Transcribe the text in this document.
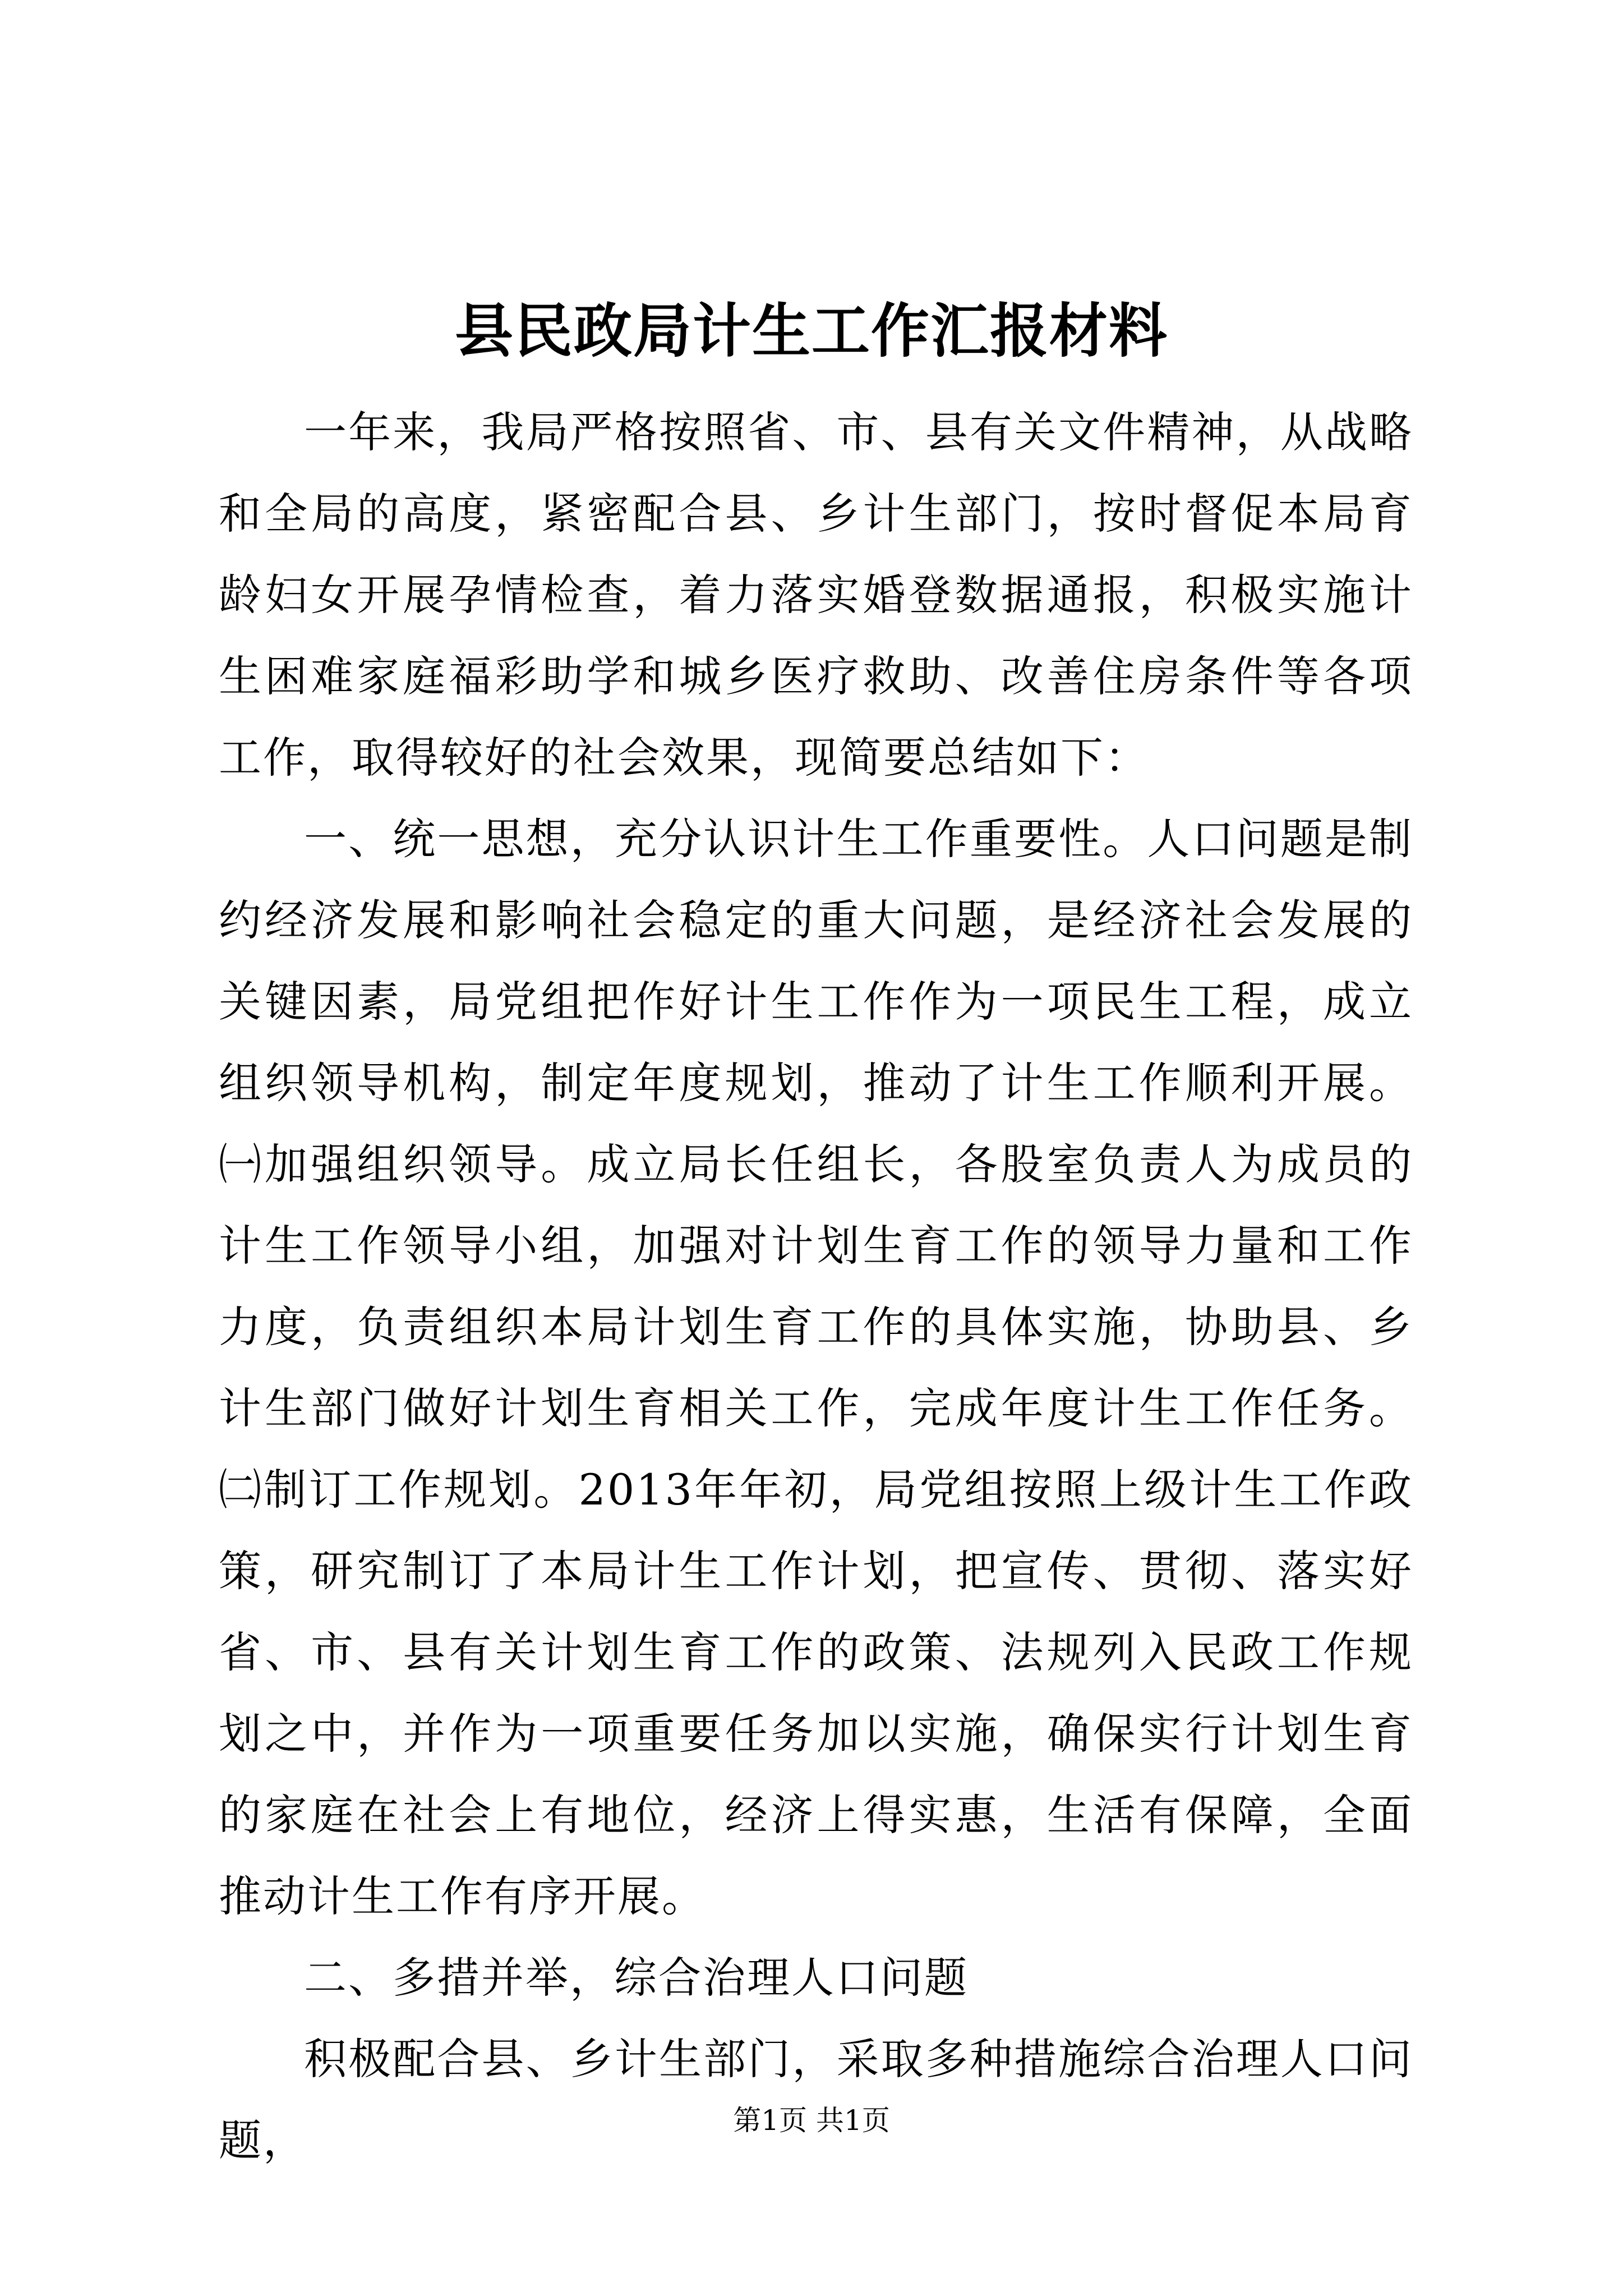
县民政局计生工作汇报材料

一年来，我局严格按照省、市、县有关文件精神，从战略和全局的高度，紧密配合县、乡计生部门，按时督促本局育龄妇女开展孕情检查，着力落实婚登数据通报，积极实施计生困难家庭福彩助学和城乡医疗救助、改善住房条件等各项工作，取得较好的社会效果，现简要总结如下：

一、统一思想，充分认识计生工作重要性。人口问题是制约经济发展和影响社会稳定的重大问题，是经济社会发展的关键因素，局党组把作好计生工作作为一项民生工程，成立组织领导机构，制定年度规划，推动了计生工作顺利开展。㈠加强组织领导。成立局长任组长，各股室负责人为成员的计生工作领导小组，加强对计划生育工作的领导力量和工作力度，负责组织本局计划生育工作的具体实施，协助县、乡计生部门做好计划生育相关工作，完成年度计生工作任务。㈡制订工作规划。2013年年初，局党组按照上级计生工作政策，研究制订了本局计生工作计划，把宣传、贯彻、落实好省、市、县有关计划生育工作的政策、法规列入民政工作规划之中，并作为一项重要任务加以实施，确保实行计划生育的家庭在社会上有地位，经济上得实惠，生活有保障，全面推动计生工作有序开展。

二、多措并举，综合治理人口问题

积极配合县、乡计生部门，采取多种措施综合治理人口问题，	第1页 共1页
